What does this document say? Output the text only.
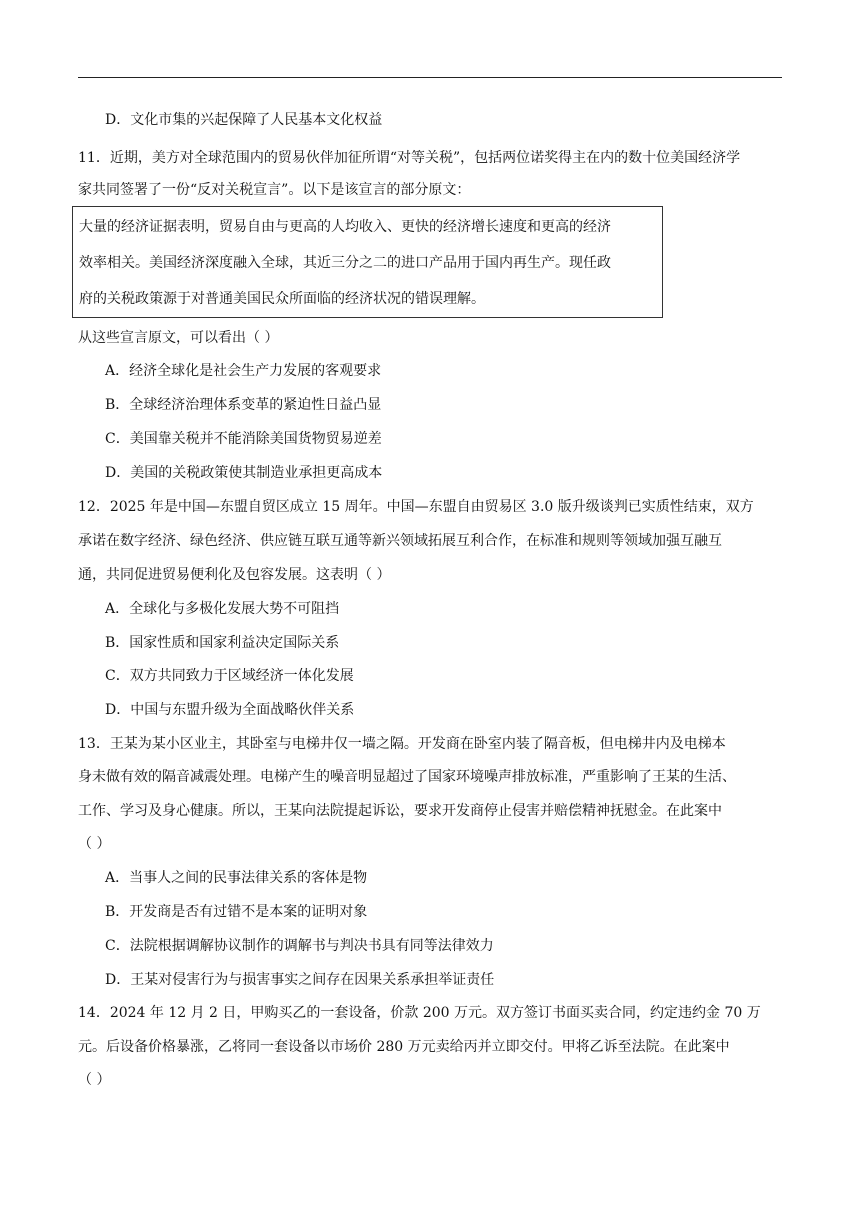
D．文化市集的兴起保障了人民基本文化权益
11．近期，美方对全球范围内的贸易伙伴加征所谓“对等关税”，包括两位诺奖得主在内的数十位美国经济学
家共同签署了一份“反对关税宣言”。以下是该宣言的部分原文：
大量的经济证据表明，贸易自由与更高的人均收入、更快的经济增长速度和更高的经济
效率相关。美国经济深度融入全球，其近三分之二的进口产品用于国内再生产。现任政
府的关税政策源于对普通美国民众所面临的经济状况的错误理解。
从这些宣言原文，可以看出（ ）
A．经济全球化是社会生产力发展的客观要求
B．全球经济治理体系变革的紧迫性日益凸显
C．美国靠关税并不能消除美国货物贸易逆差
D．美国的关税政策使其制造业承担更高成本
12．2025 年是中国—东盟自贸区成立 15 周年。中国—东盟自由贸易区 3.0 版升级谈判已实质性结束，双方
承诺在数字经济、绿色经济、供应链互联互通等新兴领域拓展互利合作，在标准和规则等领域加强互融互
通，共同促进贸易便利化及包容发展。这表明（ ）
A．全球化与多极化发展大势不可阻挡
B．国家性质和国家利益决定国际关系
C．双方共同致力于区域经济一体化发展
D．中国与东盟升级为全面战略伙伴关系
13．王某为某小区业主，其卧室与电梯井仅一墙之隔。开发商在卧室内装了隔音板，但电梯井内及电梯本
身未做有效的隔音减震处理。电梯产生的噪音明显超过了国家环境噪声排放标准，严重影响了王某的生活、
工作、学习及身心健康。所以，王某向法院提起诉讼，要求开发商停止侵害并赔偿精神抚慰金。在此案中
（ ）
A．当事人之间的民事法律关系的客体是物
B．开发商是否有过错不是本案的证明对象
C．法院根据调解协议制作的调解书与判决书具有同等法律效力
D．王某对侵害行为与损害事实之间存在因果关系承担举证责任
14．2024 年 12 月 2 日，甲购买乙的一套设备，价款 200 万元。双方签订书面买卖合同，约定违约金 70 万
元。后设备价格暴涨，乙将同一套设备以市场价 280 万元卖给丙并立即交付。甲将乙诉至法院。在此案中
（ ）
